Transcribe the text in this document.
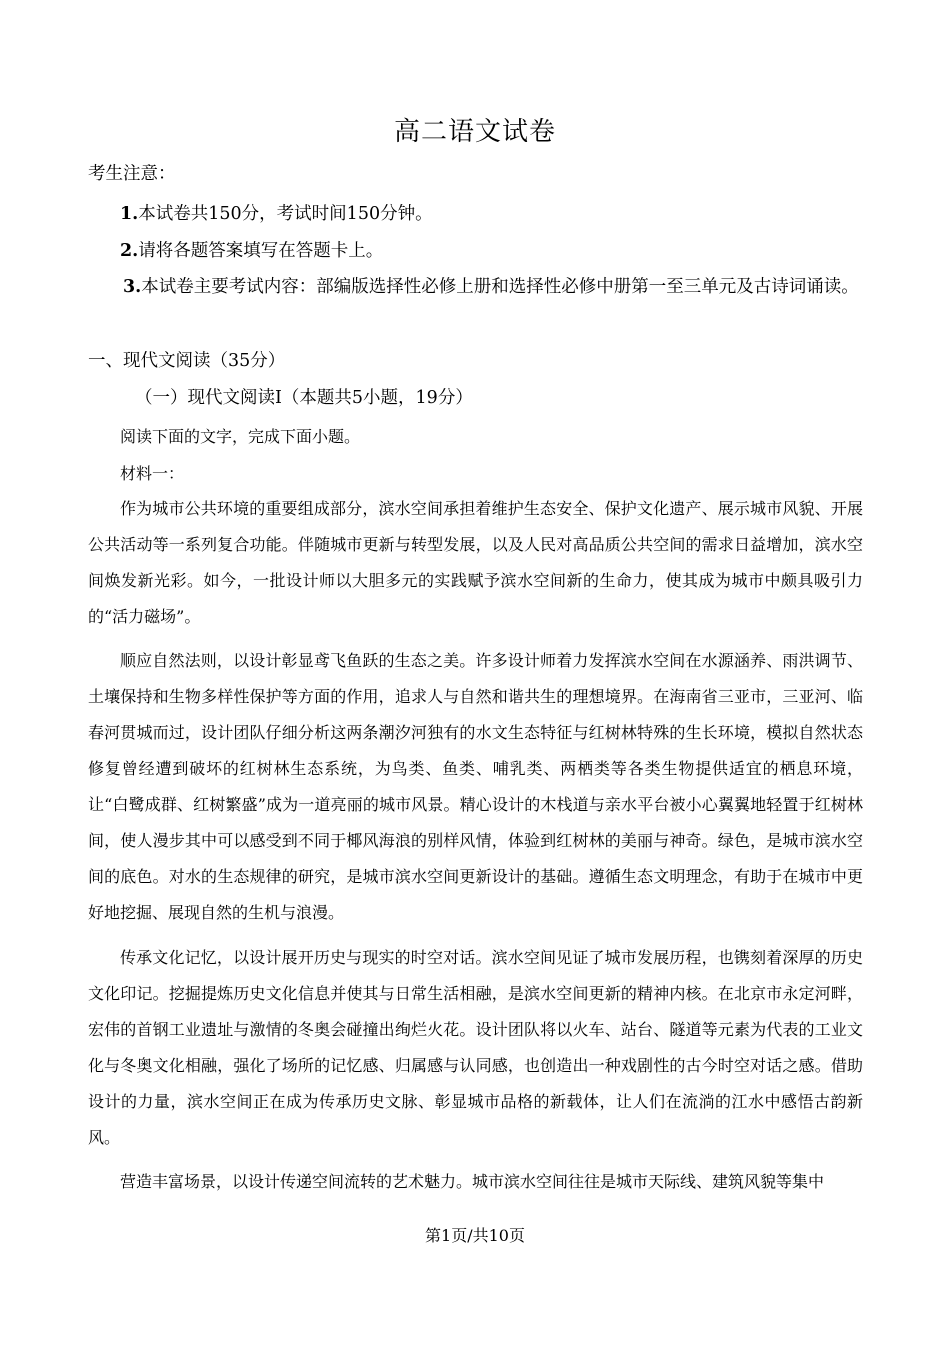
高二语文试卷
考生注意：
1.本试卷共150分，考试时间150分钟。
2.请将各题答案填写在答题卡上。

3.本试卷主要考试内容：部编版选择性必修上册和选择性必修中册第一至三单元及古诗词诵读。

一、现代文阅读（35分）
（一）现代文阅读Ⅰ（本题共5小题，19分）
阅读下面的文字，完成下面小题。
材料一：

作为城市公共环境的重要组成部分，滨水空间承担着维护生态安全、保护文化遗产、展示城市风貌、开展公共活动等一系列复合功能。伴随城市更新与转型发展，以及人民对高品质公共空间的需求日益增加，滨水空间焕发新光彩。如今，一批设计师以大胆多元的实践赋予滨水空间新的生命力，使其成为城市中颇具吸引力的“活力磁场”。

顺应自然法则，以设计彰显鸢飞鱼跃的生态之美。许多设计师着力发挥滨水空间在水源涵养、雨洪调节、土壤保持和生物多样性保护等方面的作用，追求人与自然和谐共生的理想境界。在海南省三亚市，三亚河、临春河贯城而过，设计团队仔细分析这两条潮汐河独有的水文生态特征与红树林特殊的生长环境，模拟自然状态修复曾经遭到破坏的红树林生态系统，为鸟类、鱼类、哺乳类、两栖类等各类生物提供适宜的栖息环境，让“白鹭成群、红树繁盛”成为一道亮丽的城市风景。精心设计的木栈道与亲水平台被小心翼翼地轻置于红树林间，使人漫步其中可以感受到不同于椰风海浪的别样风情，体验到红树林的美丽与神奇。绿色，是城市滨水空间的底色。对水的生态规律的研究，是城市滨水空间更新设计的基础。遵循生态文明理念，有助于在城市中更好地挖掘、展现自然的生机与浪漫。

传承文化记忆，以设计展开历史与现实的时空对话。滨水空间见证了城市发展历程，也镌刻着深厚的历史文化印记。挖掘提炼历史文化信息并使其与日常生活相融，是滨水空间更新的精神内核。在北京市永定河畔，宏伟的首钢工业遗址与激情的冬奥会碰撞出绚烂火花。设计团队将以火车、站台、隧道等元素为代表的工业文化与冬奥文化相融，强化了场所的记忆感、归属感与认同感，也创造出一种戏剧性的古今时空对话之感。借助设计的力量，滨水空间正在成为传承历史文脉、彰显城市品格的新载体，让人们在流淌的江水中感悟古韵新风。

营造丰富场景，以设计传递空间流转的艺术魅力。城市滨水空间往往是城市天际线、建筑风貌等集中

第1页/共10页
